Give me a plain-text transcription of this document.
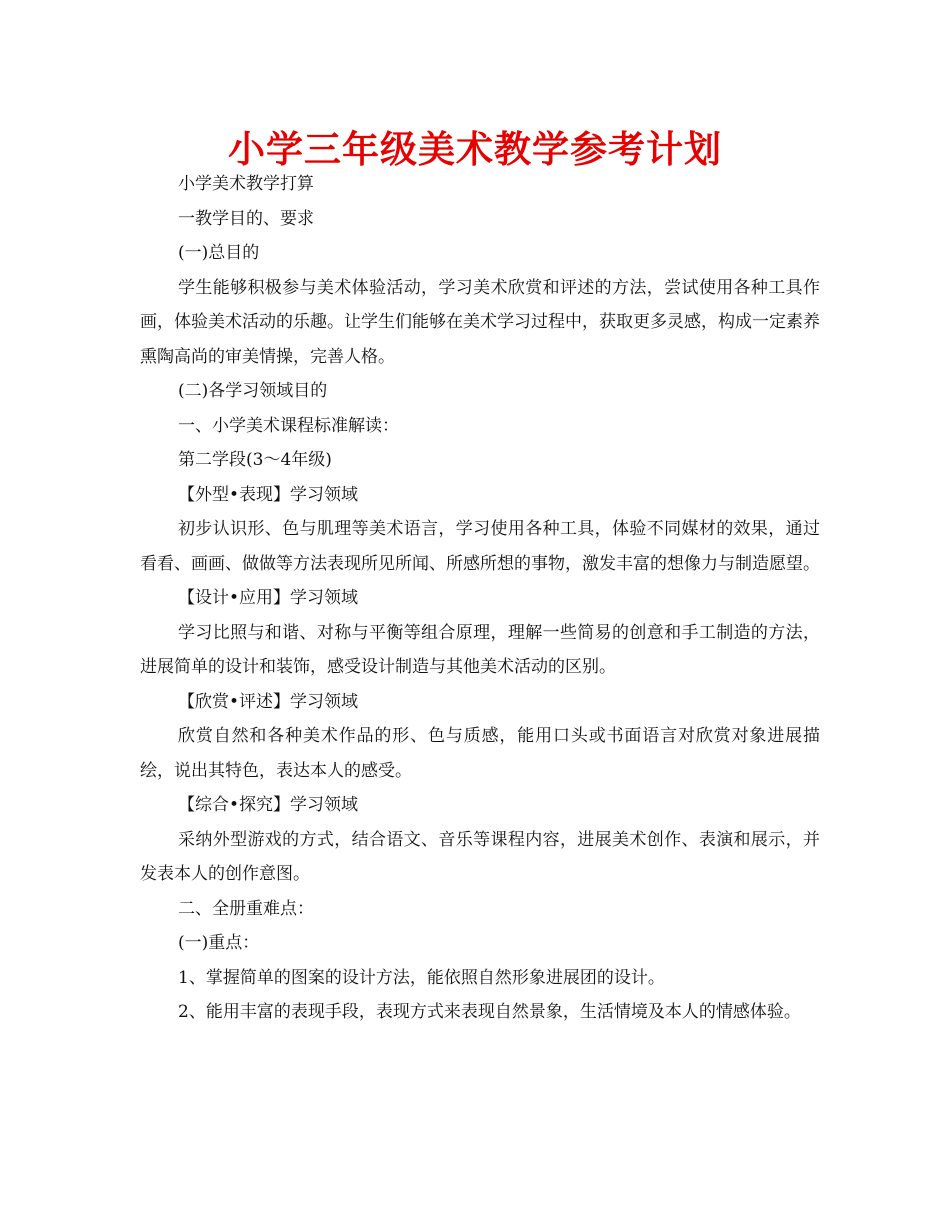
小学三年级美术教学参考计划

小学美术教学打算

一教学目的、要求

(一)总目的

学生能够积极参与美术体验活动，学习美术欣赏和评述的方法，尝试使用各种工具作画，体验美术活动的乐趣。让学生们能够在美术学习过程中，获取更多灵感，构成一定素养熏陶高尚的审美情操，完善人格。

(二)各学习领域目的

一、小学美术课程标准解读：

第二学段(3～4年级)

【外型•表现】学习领域

初步认识形、色与肌理等美术语言，学习使用各种工具，体验不同媒材的效果，通过看看、画画、做做等方法表现所见所闻、所感所想的事物，激发丰富的想像力与制造愿望。

【设计•应用】学习领域

学习比照与和谐、对称与平衡等组合原理，理解一些简易的创意和手工制造的方法，进展简单的设计和装饰，感受设计制造与其他美术活动的区别。

【欣赏•评述】学习领域

欣赏自然和各种美术作品的形、色与质感，能用口头或书面语言对欣赏对象进展描绘，说出其特色，表达本人的感受。

【综合•探究】学习领域

采纳外型游戏的方式，结合语文、音乐等课程内容，进展美术创作、表演和展示，并发表本人的创作意图。

二、全册重难点：

(一)重点：

1、掌握简单的图案的设计方法，能依照自然形象进展团的设计。

2、能用丰富的表现手段，表现方式来表现自然景象，生活情境及本人的情感体验。
